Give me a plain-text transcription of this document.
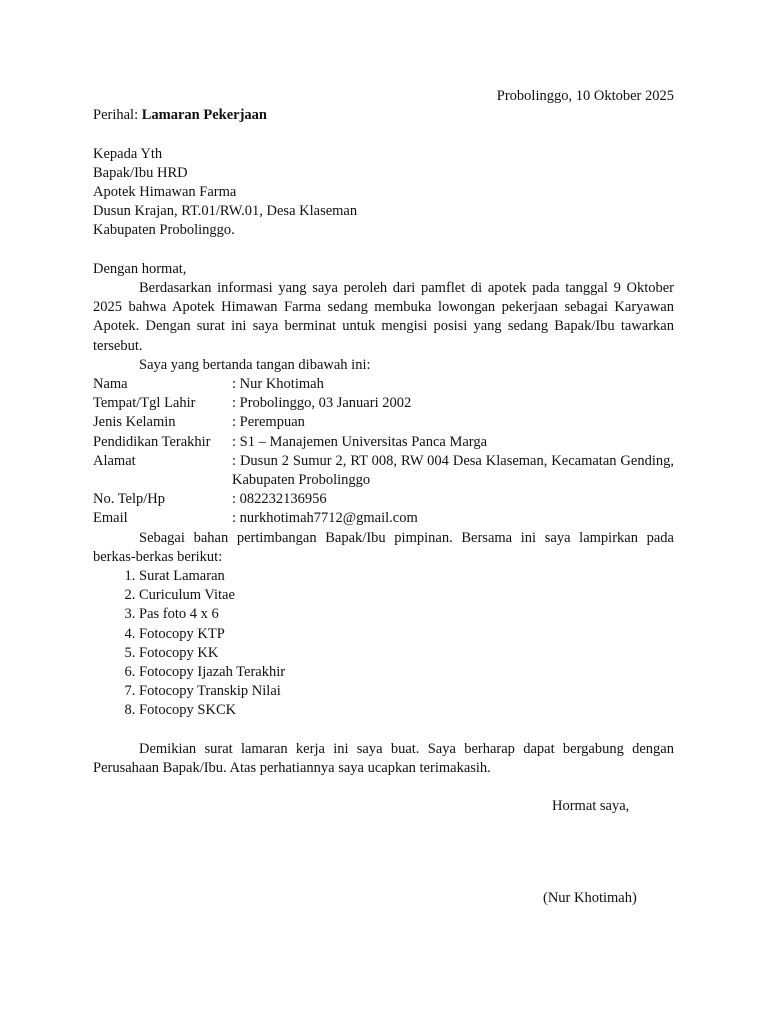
Probolinggo, 10 Oktober 2025
Perihal: Lamaran Pekerjaan
Kepada Yth
Bapak/Ibu HRD
Apotek Himawan Farma
Dusun Krajan, RT.01/RW.01, Desa Klaseman
Kabupaten Probolinggo.
Dengan hormat,
Berdasarkan informasi yang saya peroleh dari pamflet di apotek pada tanggal 9 Oktober 2025 bahwa Apotek Himawan Farma sedang membuka lowongan pekerjaan sebagai Karyawan Apotek. Dengan surat ini saya berminat untuk mengisi posisi yang sedang Bapak/Ibu tawarkan tersebut.
Saya yang bertanda tangan dibawah ini:
Nama	: Nur Khotimah
Tempat/Tgl Lahir	: Probolinggo, 03 Januari 2002
Jenis Kelamin	: Perempuan
Pendidikan Terakhir	: S1 – Manajemen Universitas Panca Marga
Alamat	: Dusun 2 Sumur 2, RT 008, RW 004 Desa Klaseman, Kecamatan Gending, Kabupaten Probolinggo
No. Telp/Hp	: 082232136956
Email	: nurkhotimah7712@gmail.com
Sebagai bahan pertimbangan Bapak/Ibu pimpinan. Bersama ini saya lampirkan pada berkas-berkas berikut:
1. Surat Lamaran
2. Curiculum Vitae
3. Pas foto 4 x 6
4. Fotocopy KTP
5. Fotocopy KK
6. Fotocopy Ijazah Terakhir
7. Fotocopy Transkip Nilai
8. Fotocopy SKCK
Demikian surat lamaran kerja ini saya buat. Saya berharap dapat bergabung dengan Perusahaan Bapak/Ibu. Atas perhatiannya saya ucapkan terimakasih.
Hormat saya,
(Nur Khotimah)
